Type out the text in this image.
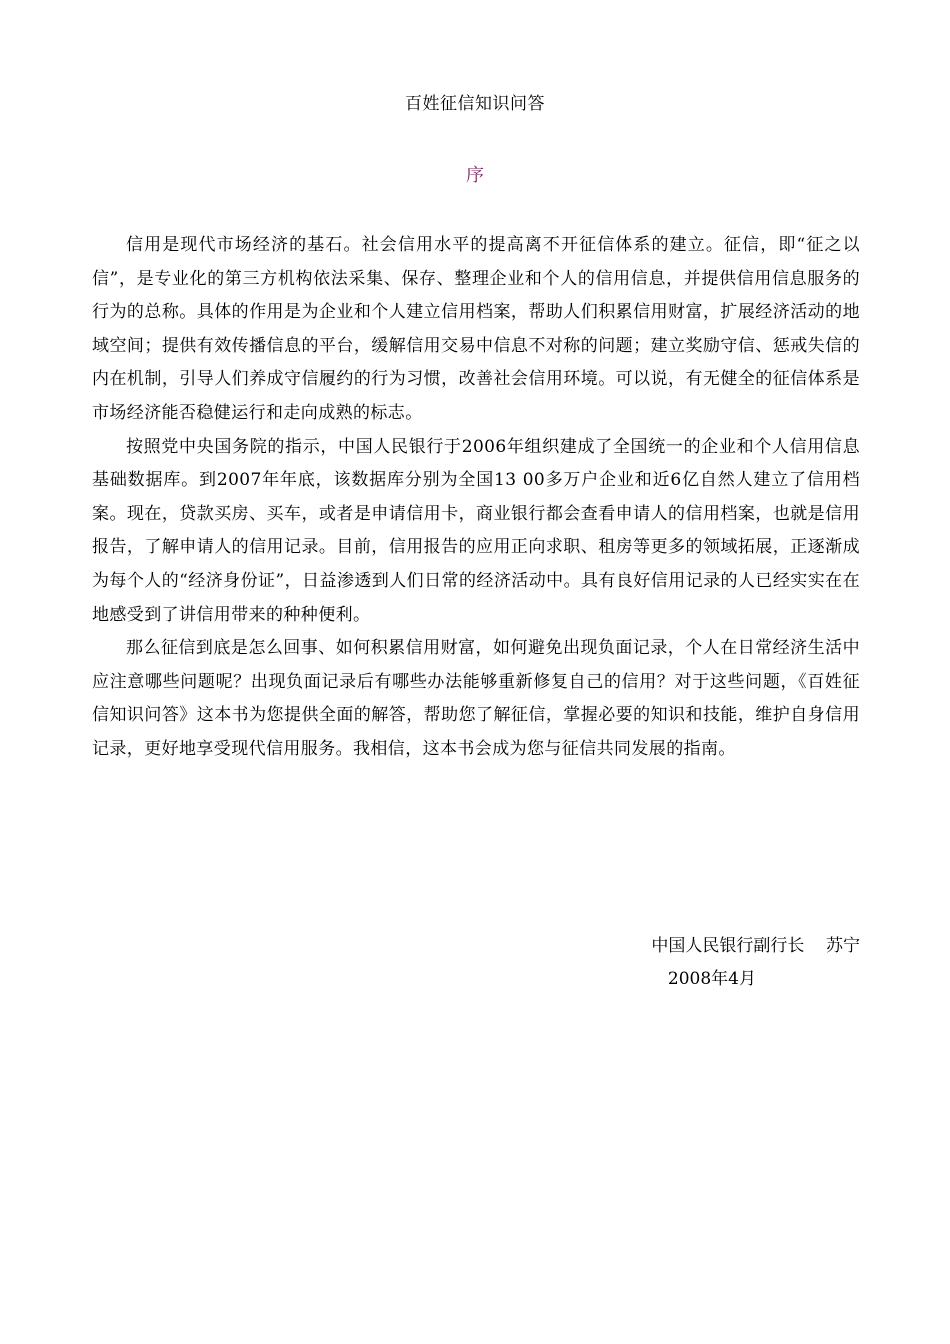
百姓征信知识问答
序

信用是现代市场经济的基石。社会信用水平的提高离不开征信体系的建立。征信，即“征之以信”，是专业化的第三方机构依法采集、保存、整理企业和个人的信用信息，并提供信用信息服务的行为的总称。具体的作用是为企业和个人建立信用档案，帮助人们积累信用财富，扩展经济活动的地域空间；提供有效传播信息的平台，缓解信用交易中信息不对称的问题；建立奖励守信、惩戒失信的内在机制，引导人们养成守信履约的行为习惯，改善社会信用环境。可以说，有无健全的征信体系是市场经济能否稳健运行和走向成熟的标志。

按照党中央国务院的指示，中国人民银行于2006年组织建成了全国统一的企业和个人信用信息基础数据库。到2007年年底，该数据库分别为全国13 00多万户企业和近6亿自然人建立了信用档案。现在，贷款买房、买车，或者是申请信用卡，商业银行都会查看申请人的信用档案，也就是信用报告，了解申请人的信用记录。目前，信用报告的应用正向求职、租房等更多的领域拓展，正逐渐成为每个人的“经济身份证”，日益渗透到人们日常的经济活动中。具有良好信用记录的人已经实实在在地感受到了讲信用带来的种种便利。

那么征信到底是怎么回事、如何积累信用财富，如何避免出现负面记录，个人在日常经济生活中应注意哪些问题呢？出现负面记录后有哪些办法能够重新修复自己的信用？对于这些问题，《百姓征信知识问答》这本书为您提供全面的解答，帮助您了解征信，掌握必要的知识和技能，维护自身信用记录，更好地享受现代信用服务。我相信，这本书会成为您与征信共同发展的指南。

中国人民银行副行长    苏宁
2008年4月
